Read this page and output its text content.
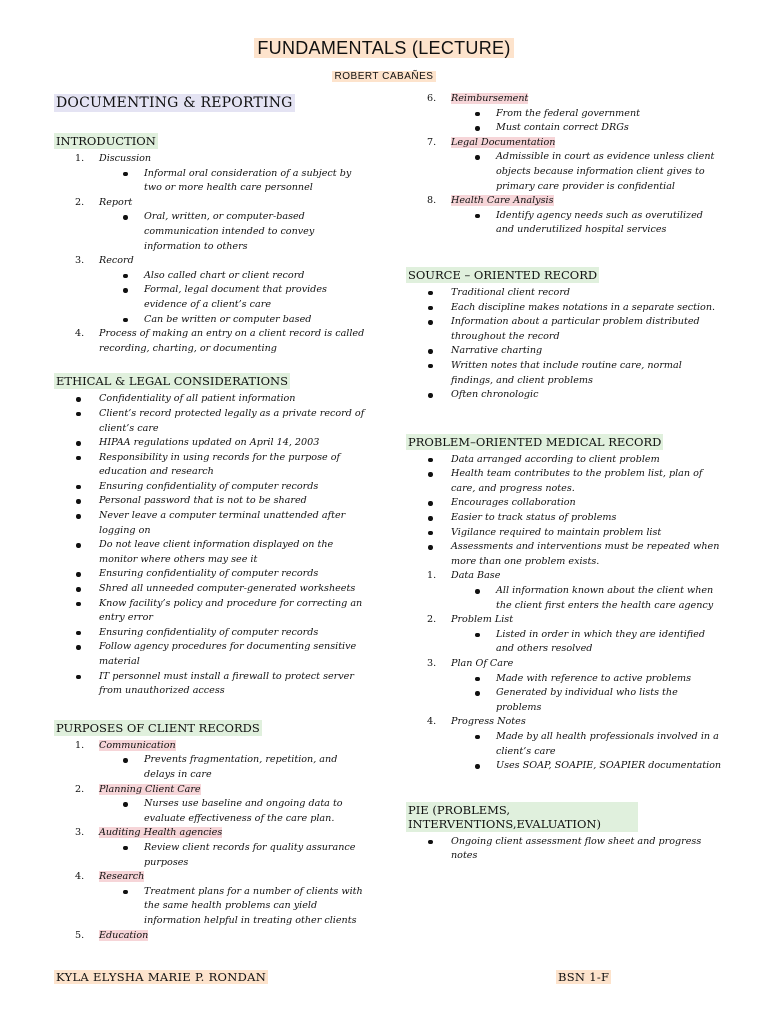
FUNDAMENTALS (LECTURE)
ROBERT CABAÑES
DOCUMENTING & REPORTING
INTRODUCTION
1. Discussion
Informal oral consideration of a subject by two or more health care personnel
2. Report
Oral, written, or computer-based communication intended to convey information to others
3. Record
Also called chart or client record
Formal, legal document that provides evidence of a client’s care
Can be written or computer based
4. Process of making an entry on a client record is called recording, charting, or documenting
ETHICAL & LEGAL CONSIDERATIONS
Confidentiality of all patient information
Client’s record protected legally as a private record of client’s care
HIPAA regulations updated on April 14, 2003
Responsibility in using records for the purpose of education and research
Ensuring confidentiality of computer records
Personal password that is not to be shared
Never leave a computer terminal unattended after logging on
Do not leave client information displayed on the monitor where others may see it
Ensuring confidentiality of computer records
Shred all unneeded computer-generated worksheets
Know facility’s policy and procedure for correcting an entry error
Ensuring confidentiality of computer records
Follow agency procedures for documenting sensitive material
IT personnel must install a firewall to protect server from unauthorized access
PURPOSES OF CLIENT RECORDS
1. Communication
Prevents fragmentation, repetition, and delays in care
2. Planning Client Care
Nurses use baseline and ongoing data to evaluate effectiveness of the care plan.
3. Auditing Health agencies
Review client records for quality assurance purposes
4. Research
Treatment plans for a number of clients with the same health problems can yield information helpful in treating other clients
5. Education
6. Reimbursement
From the federal government
Must contain correct DRGs
7. Legal Documentation
Admissible in court as evidence unless client objects because information client gives to primary care provider is confidential
8. Health Care Analysis
Identify agency needs such as overutilized and underutilized hospital services
SOURCE – ORIENTED RECORD
Traditional client record
Each discipline makes notations in a separate section.
Information about a particular problem distributed throughout the record
Narrative charting
Written notes that include routine care, normal findings, and client problems
Often chronologic
PROBLEM–ORIENTED MEDICAL RECORD
Data arranged according to client problem
Health team contributes to the problem list, plan of care, and progress notes.
Encourages collaboration
Easier to track status of problems
Vigilance required to maintain problem list
Assessments and interventions must be repeated when more than one problem exists.
1. Data Base
All information known about the client when the client first enters the health care agency
2. Problem List
Listed in order in which they are identified and others resolved
3. Plan Of Care
Made with reference to active problems
Generated by individual who lists the problems
4. Progress Notes
Made by all health professionals involved in a client’s care
Uses SOAP, SOAPIE, SOAPIER documentation
PIE (PROBLEMS, INTERVENTIONS,EVALUATION)
Ongoing client assessment flow sheet and progress notes
KYLA ELYSHA MARIE P. RONDAN	BSN 1-F
